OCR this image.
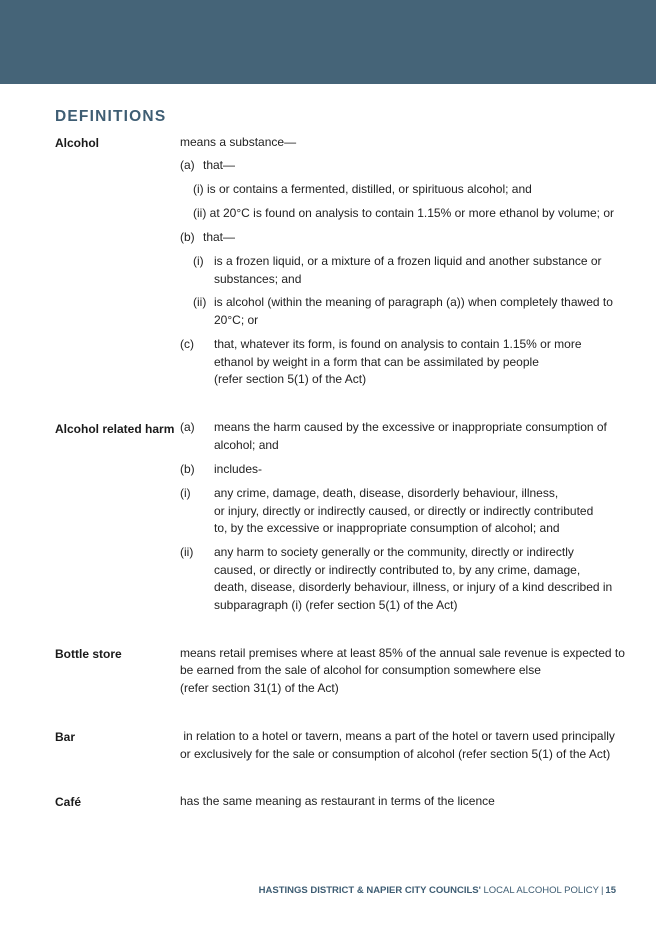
DEFINITIONS
Alcohol	means a substance—
(a) that—
(i) is or contains a fermented, distilled, or spirituous alcohol; and
(ii) at 20°C is found on analysis to contain 1.15% or more ethanol by volume; or
(b) that—
(i) is a frozen liquid, or a mixture of a frozen liquid and another substance or
substances; and
(ii) is alcohol (within the meaning of paragraph (a)) when completely thawed to
20°C; or
(c) that, whatever its form, is found on analysis to contain 1.15% or more
ethanol by weight in a form that can be assimilated by people
(refer section 5(1) of the Act)
Alcohol related harm (a) means the harm caused by the excessive or inappropriate consumption of
alcohol; and
(b) includes-
(i) any crime, damage, death, disease, disorderly behaviour, illness,
or injury, directly or indirectly caused, or directly or indirectly contributed
to, by the excessive or inappropriate consumption of alcohol; and
(ii) any harm to society generally or the community, directly or indirectly
caused, or directly or indirectly contributed to, by any crime, damage,
death, disease, disorderly behaviour, illness, or injury of a kind described in
subparagraph (i) (refer section 5(1) of the Act)
Bottle store	means retail premises where at least 85% of the annual sale revenue is expected to
be earned from the sale of alcohol for consumption somewhere else
(refer section 31(1) of the Act)
Bar	in relation to a hotel or tavern, means a part of the hotel or tavern used principally
or exclusively for the sale or consumption of alcohol (refer section 5(1) of the Act)
Café	has the same meaning as restaurant in terms of the licence
HASTINGS DISTRICT & NAPIER CITY COUNCILS' LOCAL ALCOHOL POLICY | 15
